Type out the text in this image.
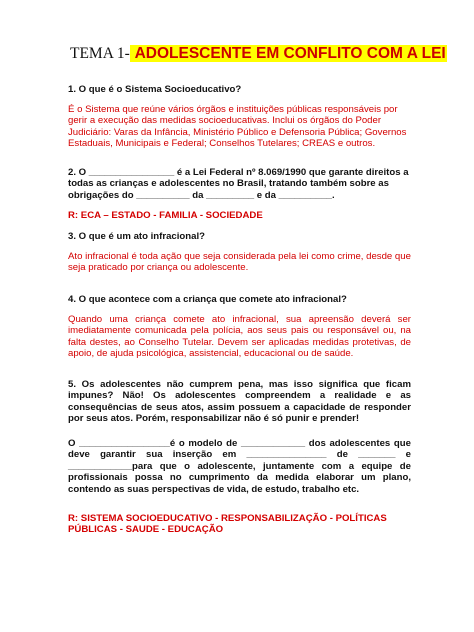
TEMA 1- ADOLESCENTE EM CONFLITO COM A LEI

1. O que é o Sistema Socioeducativo?

É o Sistema que reúne vários órgãos e instituições públicas responsáveis por gerir a execução das medidas socioeducativas. Inclui os órgãos do Poder Judiciário: Varas da Infância, Ministério Público e Defensoria Pública; Governos Estaduais, Municipais e Federal; Conselhos Tutelares; CREAS e outros.

2. O ________________ é a Lei Federal nº 8.069/1990 que garante direitos a todas as crianças e adolescentes no Brasil, tratando também sobre as obrigações do __________ da _________ e da __________.

R: ECA – ESTADO - FAMILIA - SOCIEDADE

3. O que é um ato infracional?

Ato infracional é toda ação que seja considerada pela lei como crime, desde que seja praticado por criança ou adolescente.

4. O que acontece com a criança que comete ato infracional?

Quando uma criança comete ato infracional, sua apreensão deverá ser imediatamente comunicada pela polícia, aos seus pais ou responsável ou, na falta destes, ao Conselho Tutelar. Devem ser aplicadas medidas protetivas, de apoio, de ajuda psicológica, assistencial, educacional ou de saúde.

5. Os adolescentes não cumprem pena, mas isso significa que ficam impunes? Não! Os adolescentes compreendem a realidade e as consequências de seus atos, assim possuem a capacidade de responder por seus atos. Porém, responsabilizar não é só punir e prender!

O _________________é o modelo de ____________ dos adolescentes que deve garantir sua inserção em _______________ de _______ e ____________para que o adolescente, juntamente com a equipe de profissionais possa no cumprimento da medida elaborar um plano, contendo as suas perspectivas de vida, de estudo, trabalho etc.

R: SISTEMA SOCIOEDUCATIVO - RESPONSABILIZAÇÃO - POLÍTICAS PÚBLICAS - SAUDE - EDUCAÇÃO
